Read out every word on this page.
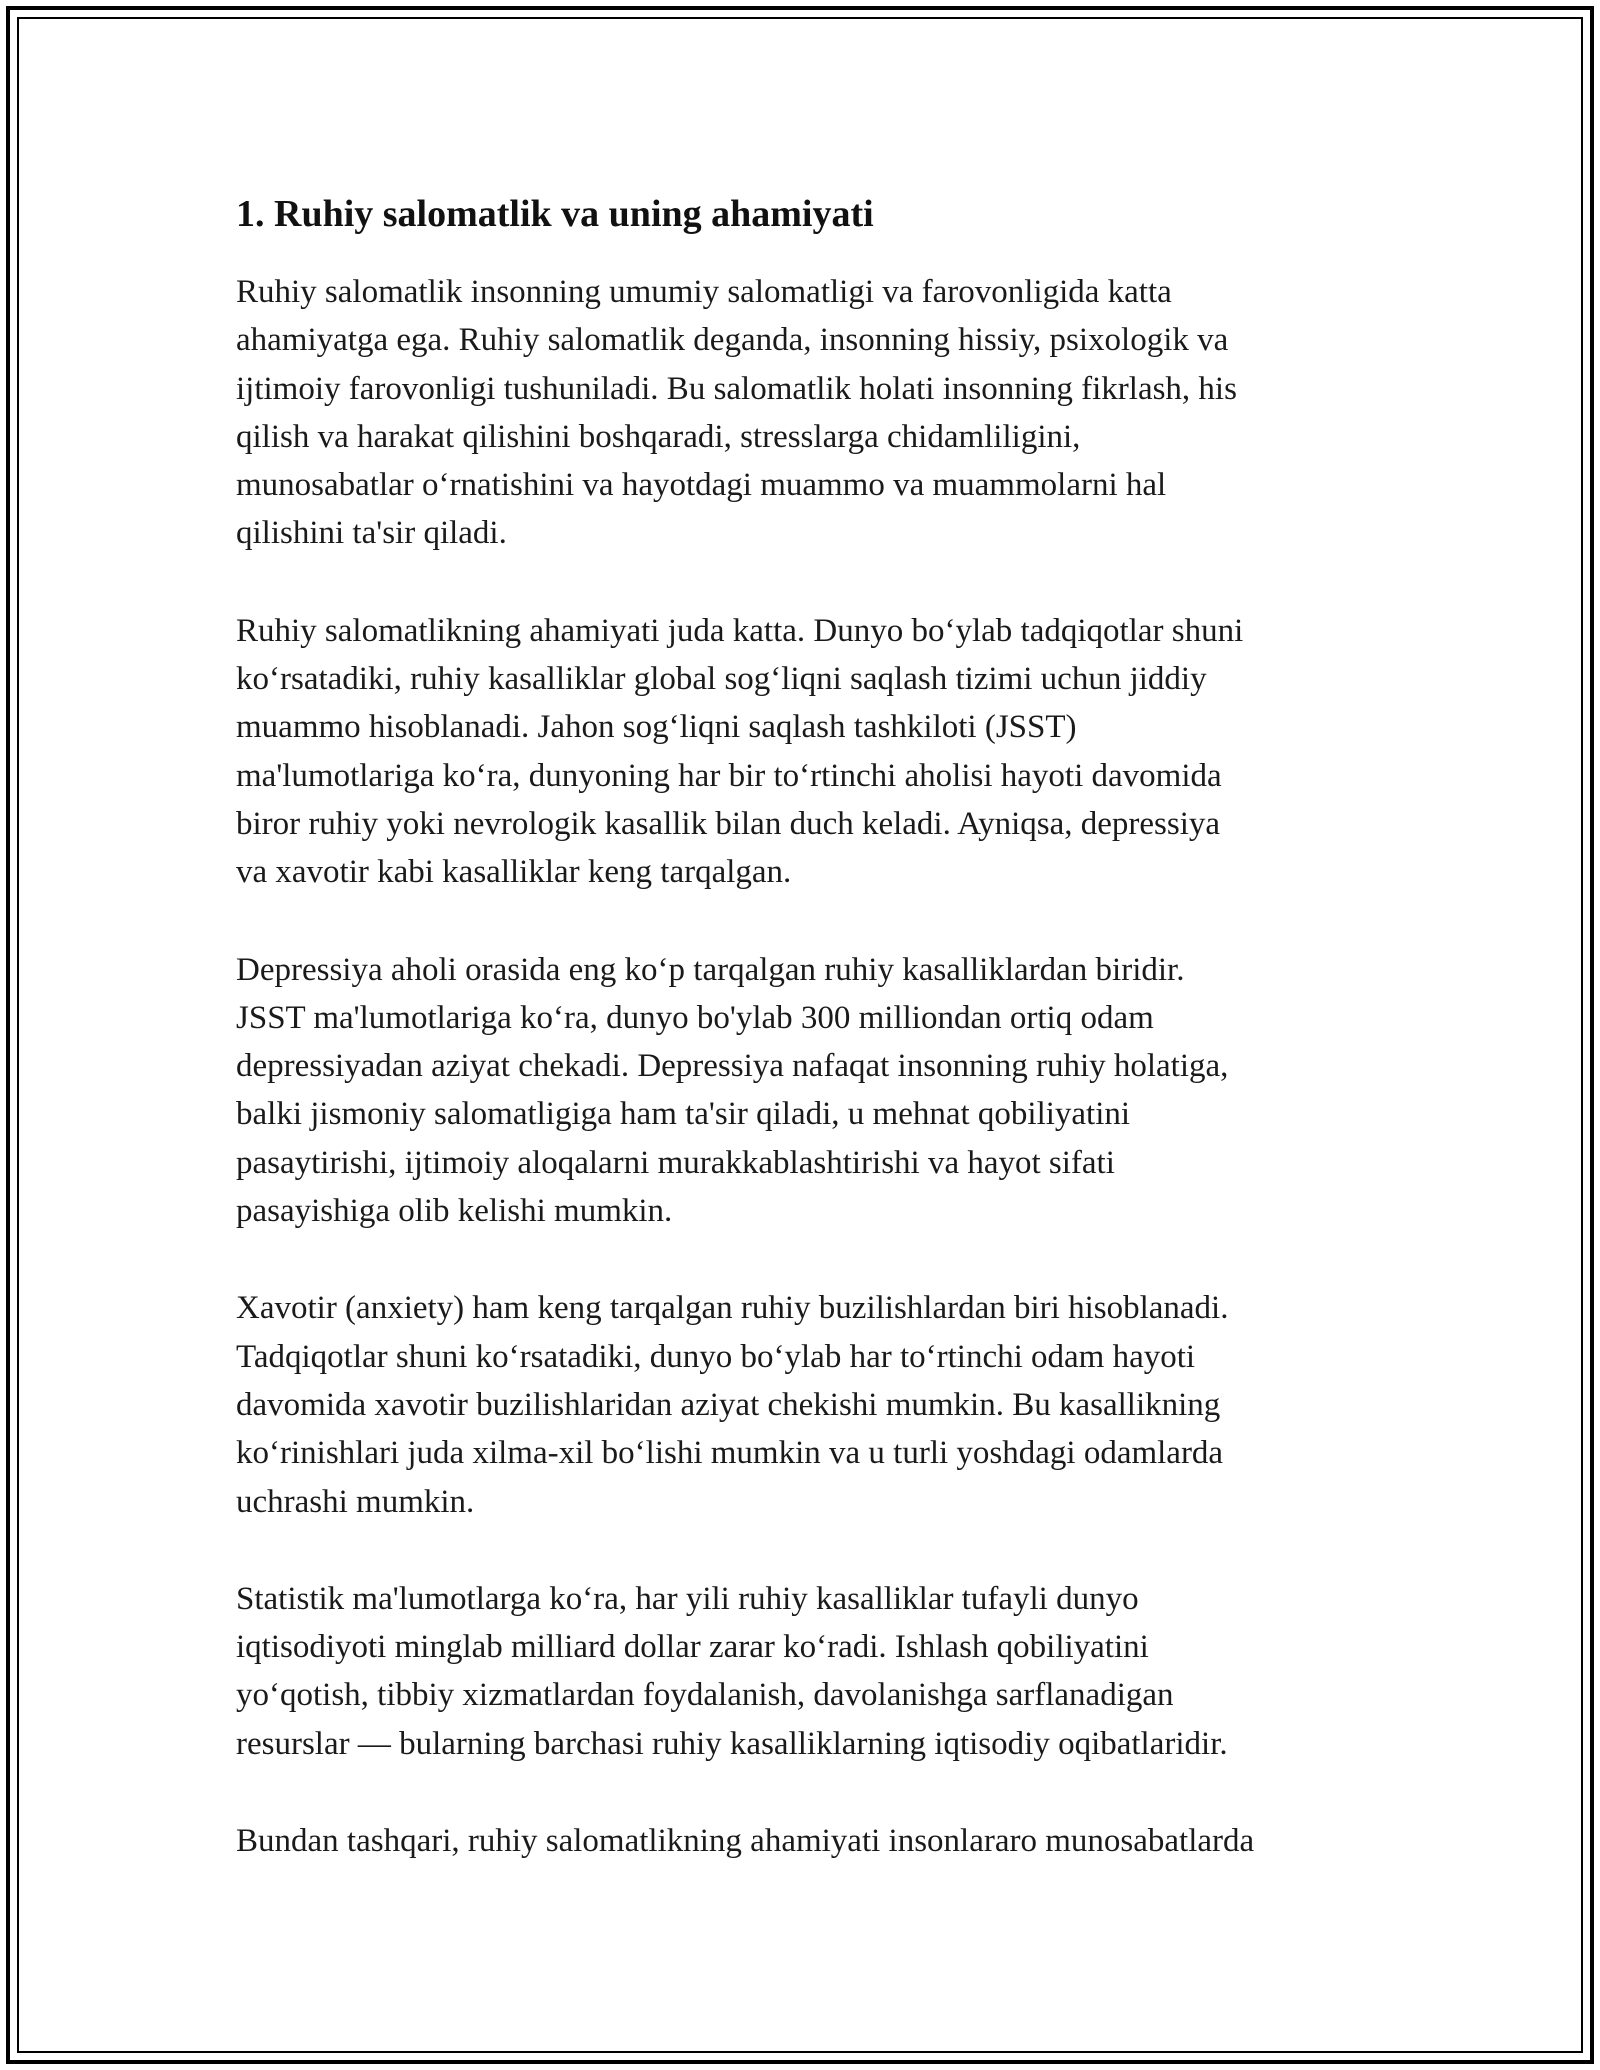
1. Ruhiy salomatlik va uning ahamiyati

Ruhiy salomatlik insonning umumiy salomatligi va farovonligida katta
ahamiyatga ega. Ruhiy salomatlik deganda, insonning hissiy, psixologik va
ijtimoiy farovonligi tushuniladi. Bu salomatlik holati insonning fikrlash, his
qilish va harakat qilishini boshqaradi, stresslarga chidamliligini,
munosabatlar oʻrnatishini va hayotdagi muammo va muammolarni hal
qilishini ta'sir qiladi.

Ruhiy salomatlikning ahamiyati juda katta. Dunyo boʻylab tadqiqotlar shuni
koʻrsatadiki, ruhiy kasalliklar global sogʻliqni saqlash tizimi uchun jiddiy
muammo hisoblanadi. Jahon sogʻliqni saqlash tashkiloti (JSST)
ma'lumotlariga koʻra, dunyoning har bir toʻrtinchi aholisi hayoti davomida
biror ruhiy yoki nevrologik kasallik bilan duch keladi. Ayniqsa, depressiya
va xavotir kabi kasalliklar keng tarqalgan.

Depressiya aholi orasida eng koʻp tarqalgan ruhiy kasalliklardan biridir.
JSST ma'lumotlariga koʻra, dunyo bo'ylab 300 milliondan ortiq odam
depressiyadan aziyat chekadi. Depressiya nafaqat insonning ruhiy holatiga,
balki jismoniy salomatligiga ham ta'sir qiladi, u mehnat qobiliyatini
pasaytirishi, ijtimoiy aloqalarni murakkablashtirishi va hayot sifati
pasayishiga olib kelishi mumkin.

Xavotir (anxiety) ham keng tarqalgan ruhiy buzilishlardan biri hisoblanadi.
Tadqiqotlar shuni koʻrsatadiki, dunyo boʻylab har toʻrtinchi odam hayoti
davomida xavotir buzilishlaridan aziyat chekishi mumkin. Bu kasallikning
koʻrinishlari juda xilma-xil boʻlishi mumkin va u turli yoshdagi odamlarda
uchrashi mumkin.

Statistik ma'lumotlarga koʻra, har yili ruhiy kasalliklar tufayli dunyo
iqtisodiyoti minglab milliard dollar zarar koʻradi. Ishlash qobiliyatini
yoʻqotish, tibbiy xizmatlardan foydalanish, davolanishga sarflanadigan
resurslar — bularning barchasi ruhiy kasalliklarning iqtisodiy oqibatlaridir.

Bundan tashqari, ruhiy salomatlikning ahamiyati insonlararo munosabatlarda
